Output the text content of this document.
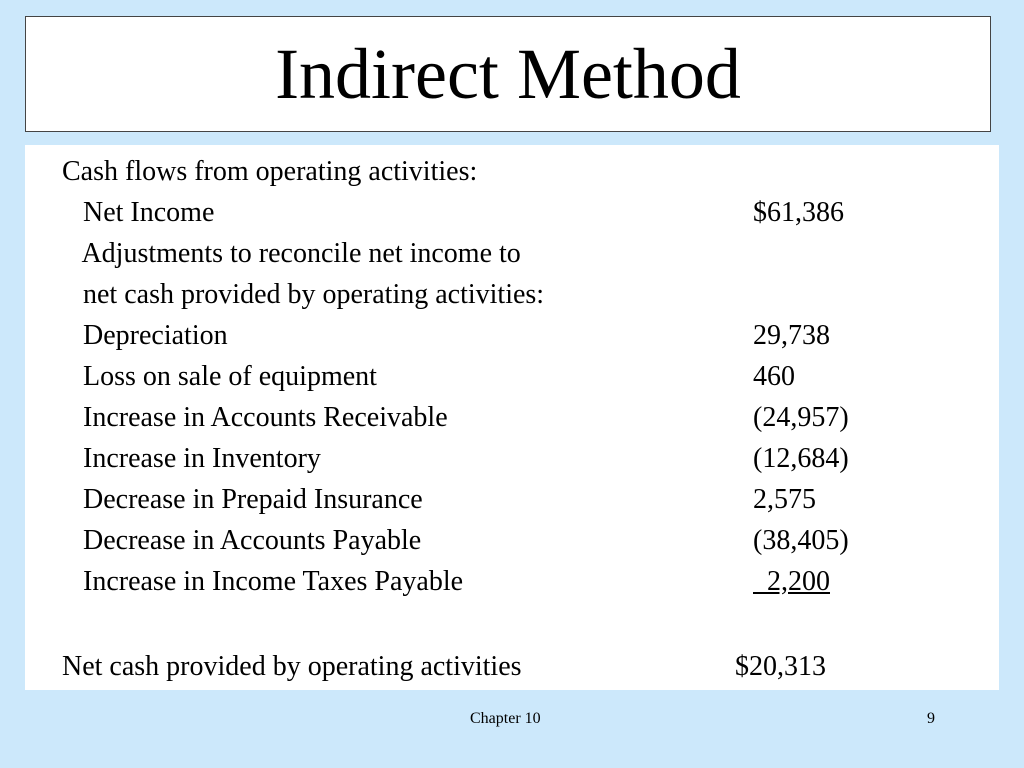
Indirect Method
Cash flows from operating activities:
Net Income	$61,386
Adjustments to reconcile net income to
net cash provided by operating activities:
Depreciation	29,738
Loss on sale of equipment	460
Increase in Accounts Receivable	(24,957)
Increase in Inventory	(12,684)
Decrease in Prepaid Insurance	2,575
Decrease in Accounts Payable	(38,405)
Increase in Income Taxes Payable	2,200
Net cash provided by operating activities	$20,313
Chapter 10	9
